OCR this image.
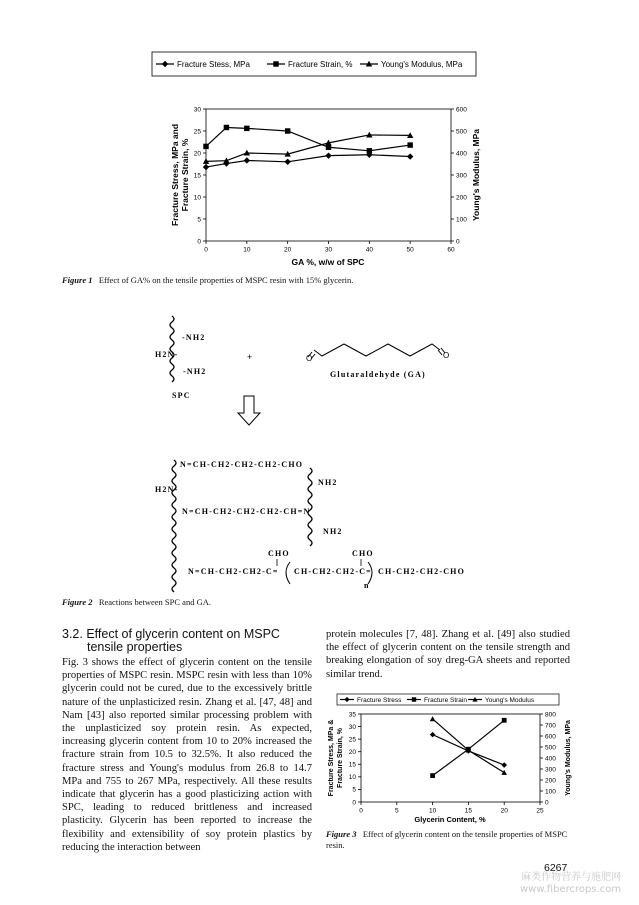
Fracture Stess, MPa	Fracture Strain, %	Young's Modulus, MPa
0	10	20	30	40	50	60
0
5
10
15
20
25
30
0
100
200
300
400
500
600
GA %, w/w of SPC
Fracture Stress, MPa andFracture Strain, %	Young's Modulus, MPa
Figure 1 Effect of GA% on the tensile properties of MSPC resin with 15% glycerin.
-NH2
H2N-
-NH2
SPC
+	O	O
Glutaraldehyde (GA)
N=CH-CH2-CH2-CH2-CHO
NH2
H2N-
N=CH-CH2-CH2-CH2-CH=N
NH2
CHO	CHO
N=CH-CH2-CH2-C= CH-CH2-CH2-C=
n
CH-CH2-CH2-CHO
Figure 2 Reactions between SPC and GA.
3.2. Effect of glycerin content on MSPC
tensile properties
Fig. 3 shows the effect of glycerin content on the tensile properties of MSPC resin. MSPC resin with less than 10% glycerin could not be cured, due to the excessively brittle nature of the unplasticized resin. Zhang et al. [47, 48] and Nam [43] also reported similar processing problem with the unplasticized soy protein resin. As expected, increasing glycerin content from 10 to 20% increased the fracture strain from 10.5 to 32.5%. It also reduced the fracture stress and Young's modulus from 26.8 to 14.7 MPa and 755 to 267 MPa, respectively. All these results indicate that glycerin has a good plasticizing action with SPC, leading to reduced brittleness and increased plasticity. Glycerin has been reported to increase the flexibility and extensibility of soy protein plastics by reducing the interaction between
protein molecules [7, 48]. Zhang et al. [49] also studied the effect of glycerin content on the tensile strength and breaking elongation of soy dreg-GA sheets and reported similar trend.
Fracture Stress	Fracture Strain	Young's Modulus
0	5	10	15	20	25
0
5
10
15
20
25
30
35
0
100
200
300
400
500
600
700
800
Glycerin Content, %
Fracture Stress, MPa & Fracture Strain, %	Young's Modulus, MPa
Figure 3 Effect of glycerin content on the tensile properties of MSPC resin.
6267
麻类作物营养与施肥网
www.fibercrops.com
